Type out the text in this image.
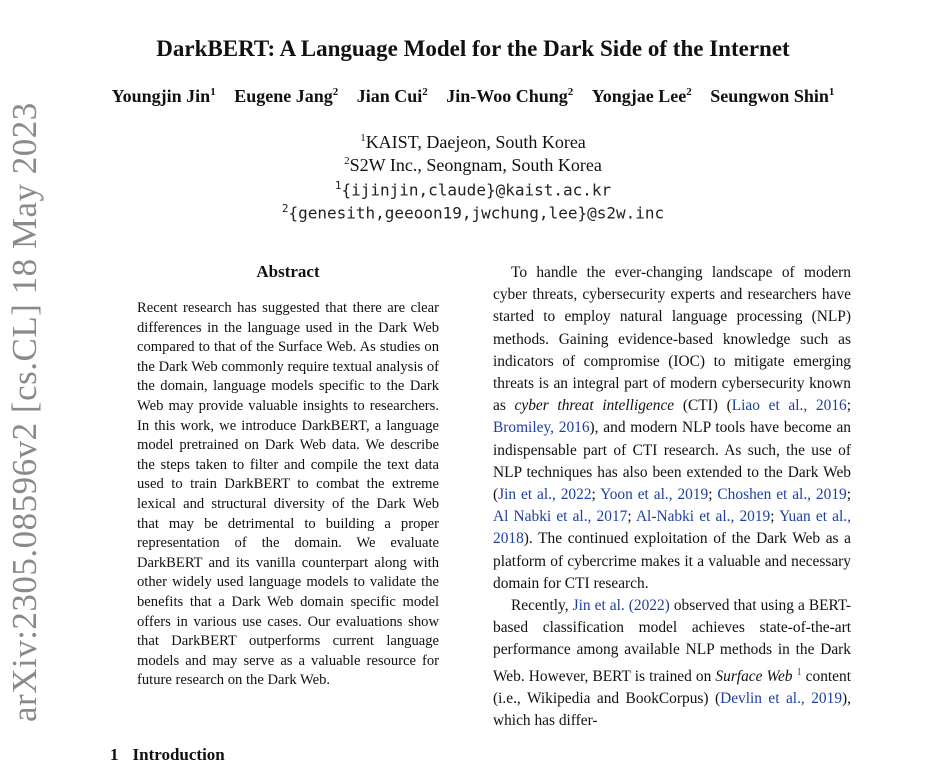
arXiv:2305.08596v2 [cs.CL] 18 May 2023
DarkBERT: A Language Model for the Dark Side of the Internet
Youngjin Jin$^1$ Eugene Jang$^2$ Jian Cui$^2$ Jin-Woo Chung$^2$ Yongjae Lee$^2$ Seungwon Shin$^1$
$^1$KAIST, Daejeon, South Korea
$^2$S2W Inc., Seongnam, South Korea
$^1${ijinjin,claude}@kaist.ac.kr
$^2${genesith,geeoon19,jwchung,lee}@s2w.inc
Abstract
Recent research has suggested that there are clear differences in the language used in the Dark Web compared to that of the Surface Web. As studies on the Dark Web commonly require textual analysis of the domain, language models specific to the Dark Web may provide valuable insights to researchers. In this work, we introduce DarkBERT, a language model pretrained on Dark Web data. We describe the steps taken to filter and compile the text data used to train DarkBERT to combat the extreme lexical and structural diversity of the Dark Web that may be detrimental to building a proper representation of the domain. We evaluate DarkBERT and its vanilla counterpart along with other widely used language models to validate the benefits that a Dark Web domain specific model offers in various use cases. Our evaluations show that DarkBERT outperforms current language models and may serve as a valuable resource for future research on the Dark Web.
1 Introduction

To handle the ever-changing landscape of modern cyber threats, cybersecurity experts and researchers have started to employ natural language processing (NLP) methods. Gaining evidence-based knowledge such as indicators of compromise (IOC) to mitigate emerging threats is an integral part of modern cybersecurity known as cyber threat intelligence (CTI) (Liao et al., 2016; Bromiley, 2016), and modern NLP tools have become an indispensable part of CTI research. As such, the use of NLP techniques has also been extended to the Dark Web (Jin et al., 2022; Yoon et al., 2019; Choshen et al., 2019; Al Nabki et al., 2017; Al-Nabki et al., 2019; Yuan et al., 2018). The continued exploitation of the Dark Web as a platform of cybercrime makes it a valuable and necessary domain for CTI research.

Recently, Jin et al. (2022) observed that using a BERT-based classification model achieves state-of-the-art performance among available NLP methods in the Dark Web. However, BERT is trained on Surface Web $^1$ content (i.e., Wikipedia and BookCorpus) (Devlin et al., 2019), which has differ-
